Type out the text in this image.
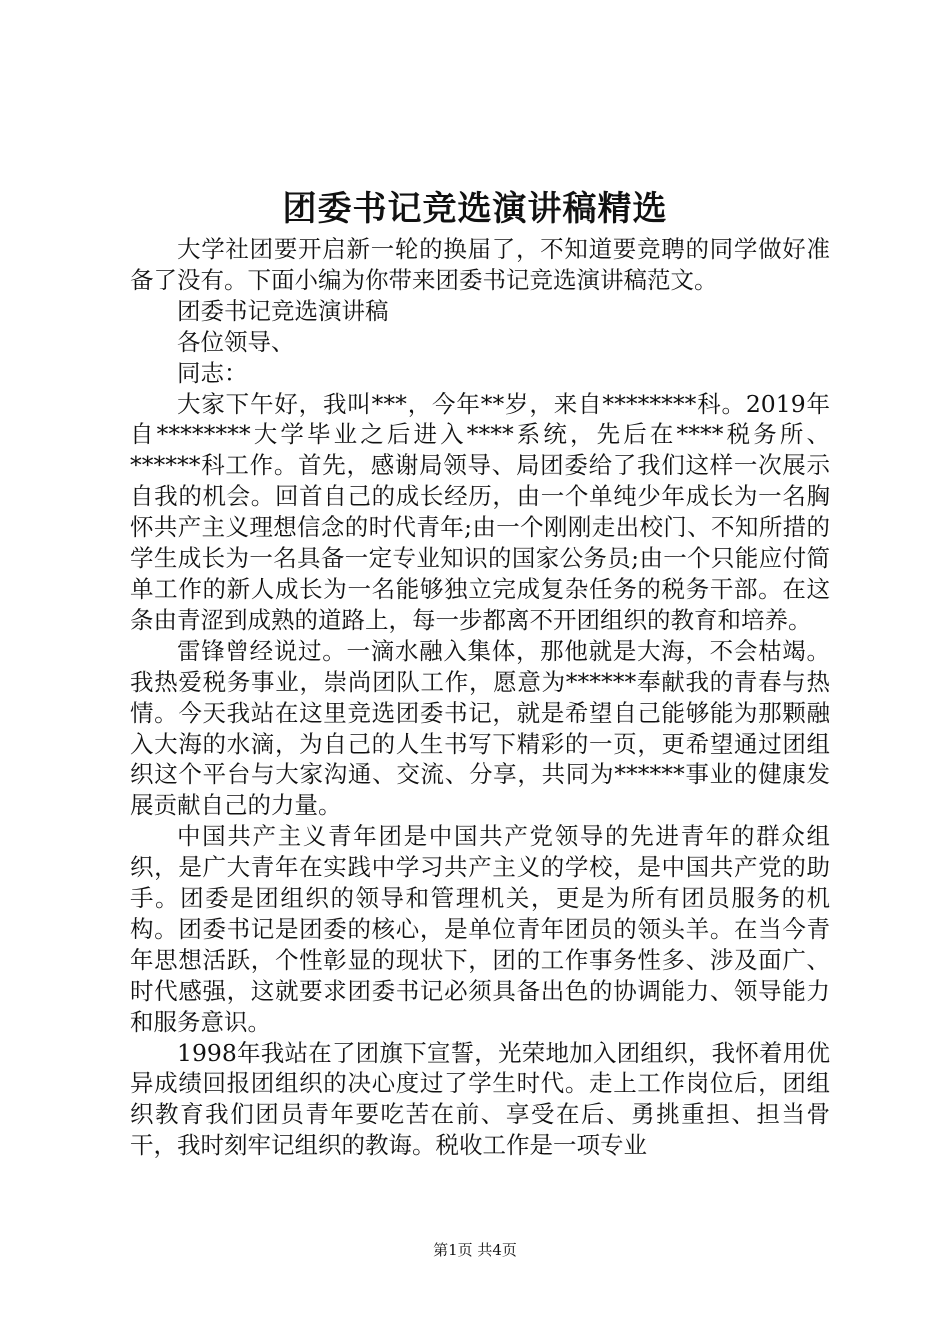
团委书记竞选演讲稿精选

大学社团要开启新一轮的换届了，不知道要竞聘的同学做好准备了没有。下面小编为你带来团委书记竞选演讲稿范文。

团委书记竞选演讲稿

各位领导、

同志：

大家下午好，我叫***，今年**岁，来自********科。2019年自********大学毕业之后进入****系统，先后在****税务所、******科工作。首先，感谢局领导、局团委给了我们这样一次展示自我的机会。回首自己的成长经历，由一个单纯少年成长为一名胸怀共产主义理想信念的时代青年;由一个刚刚走出校门、不知所措的学生成长为一名具备一定专业知识的国家公务员;由一个只能应付简单工作的新人成长为一名能够独立完成复杂任务的税务干部。在这条由青涩到成熟的道路上，每一步都离不开团组织的教育和培养。

雷锋曾经说过。一滴水融入集体，那他就是大海，不会枯竭。我热爱税务事业，崇尚团队工作，愿意为******奉献我的青春与热情。今天我站在这里竞选团委书记，就是希望自己能够能为那颗融入大海的水滴，为自己的人生书写下精彩的一页，更希望通过团组织这个平台与大家沟通、交流、分享，共同为******事业的健康发展贡献自己的力量。

中国共产主义青年团是中国共产党领导的先进青年的群众组织，是广大青年在实践中学习共产主义的学校，是中国共产党的助手。团委是团组织的领导和管理机关，更是为所有团员服务的机构。团委书记是团委的核心，是单位青年团员的领头羊。在当今青年思想活跃，个性彰显的现状下，团的工作事务性多、涉及面广、时代感强，这就要求团委书记必须具备出色的协调能力、领导能力和服务意识。

1998年我站在了团旗下宣誓，光荣地加入团组织，我怀着用优异成绩回报团组织的决心度过了学生时代。走上工作岗位后，团组织教育我们团员青年要吃苦在前、享受在后、勇挑重担、担当骨干，我时刻牢记组织的教诲。税收工作是一项专业

第1页 共4页
